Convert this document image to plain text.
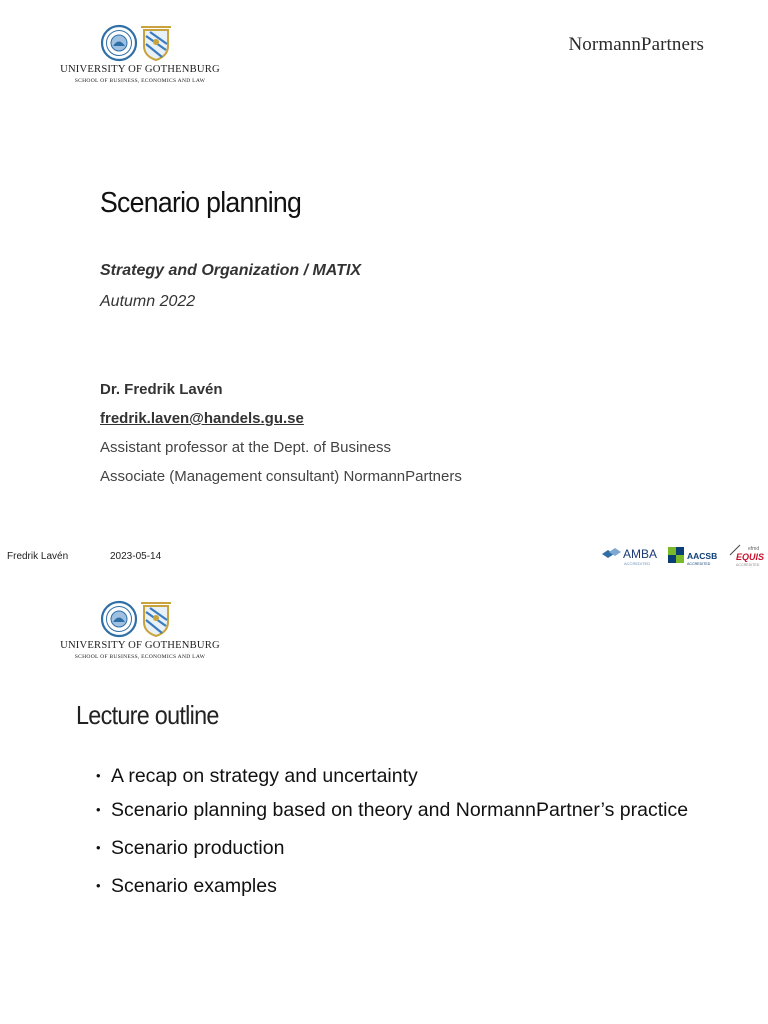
UNIVERSITY OF GOTHENBURG
SCHOOL OF BUSINESS, ECONOMICS AND LAW
NormannPartners
Scenario planning
Strategy and Organization / MATIX
Autumn 2022
Dr. Fredrik Lavén
fredrik.laven@handels.gu.se
Assistant professor at the Dept. of Business
Associate (Management consultant) NormannPartners
Fredrik Lavén	2023-05-14	AMBA
ACCREDITED
AACSB
ACCREDITED
efmd
EQUIS
ACCREDITED
UNIVERSITY OF GOTHENBURG
SCHOOL OF BUSINESS, ECONOMICS AND LAW
Lecture outline
• A recap on strategy and uncertainty
• Scenario planning based on theory and NormannPartner’s practice
• Scenario production
• Scenario examples
